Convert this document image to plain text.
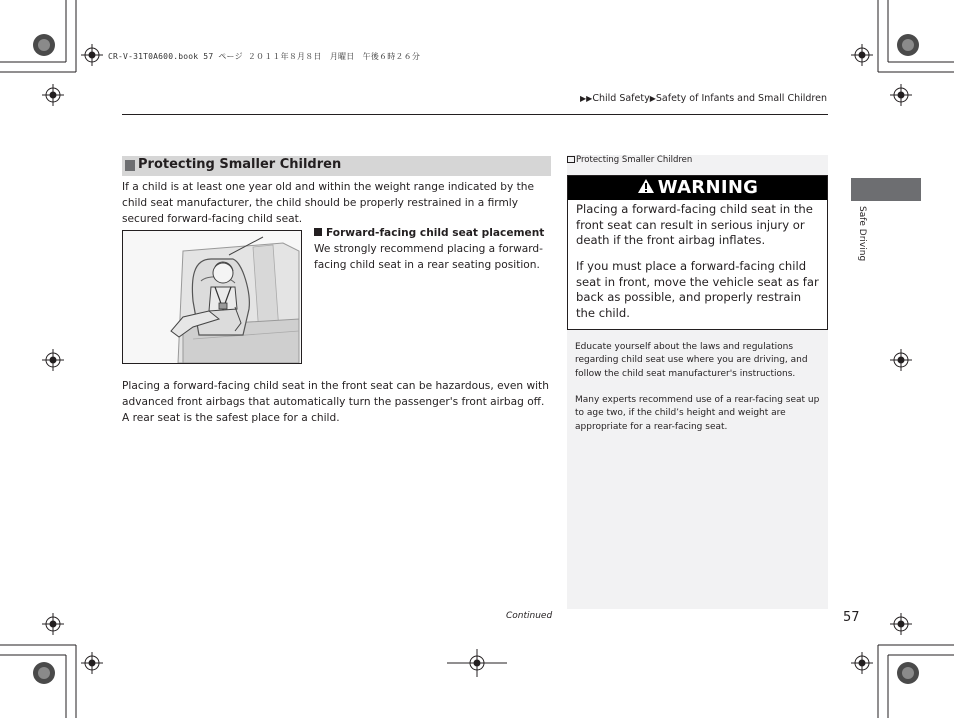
CR-V-31T0A600.book 57 ページ ２０１１年８月８日　月曜日　午後６時２６分
▶▶Child Safety▶Safety of Infants and Small Children
Protecting Smaller Children

If a child is at least one year old and within the weight range indicated by the child seat manufacturer, the child should be properly restrained in a firmly secured forward-facing child seat.

Forward-facing child seat placement

We strongly recommend placing a forward-facing child seat in a rear seating position.

Placing a forward-facing child seat in the front seat can be hazardous, even with advanced front airbags that automatically turn the passenger's front airbag off. A rear seat is the safest place for a child.

Protecting Smaller Children
WARNING

Placing a forward-facing child seat in the front seat can result in serious injury or death if the front airbag inflates.

If you must place a forward-facing child seat in front, move the vehicle seat as far back as possible, and properly restrain the child.

Educate yourself about the laws and regulations regarding child seat use where you are driving, and follow the child seat manufacturer's instructions.

Many experts recommend use of a rear-facing seat up to age two, if the child’s height and weight are appropriate for a rear-facing seat.

Safe Driving
Continued	57
